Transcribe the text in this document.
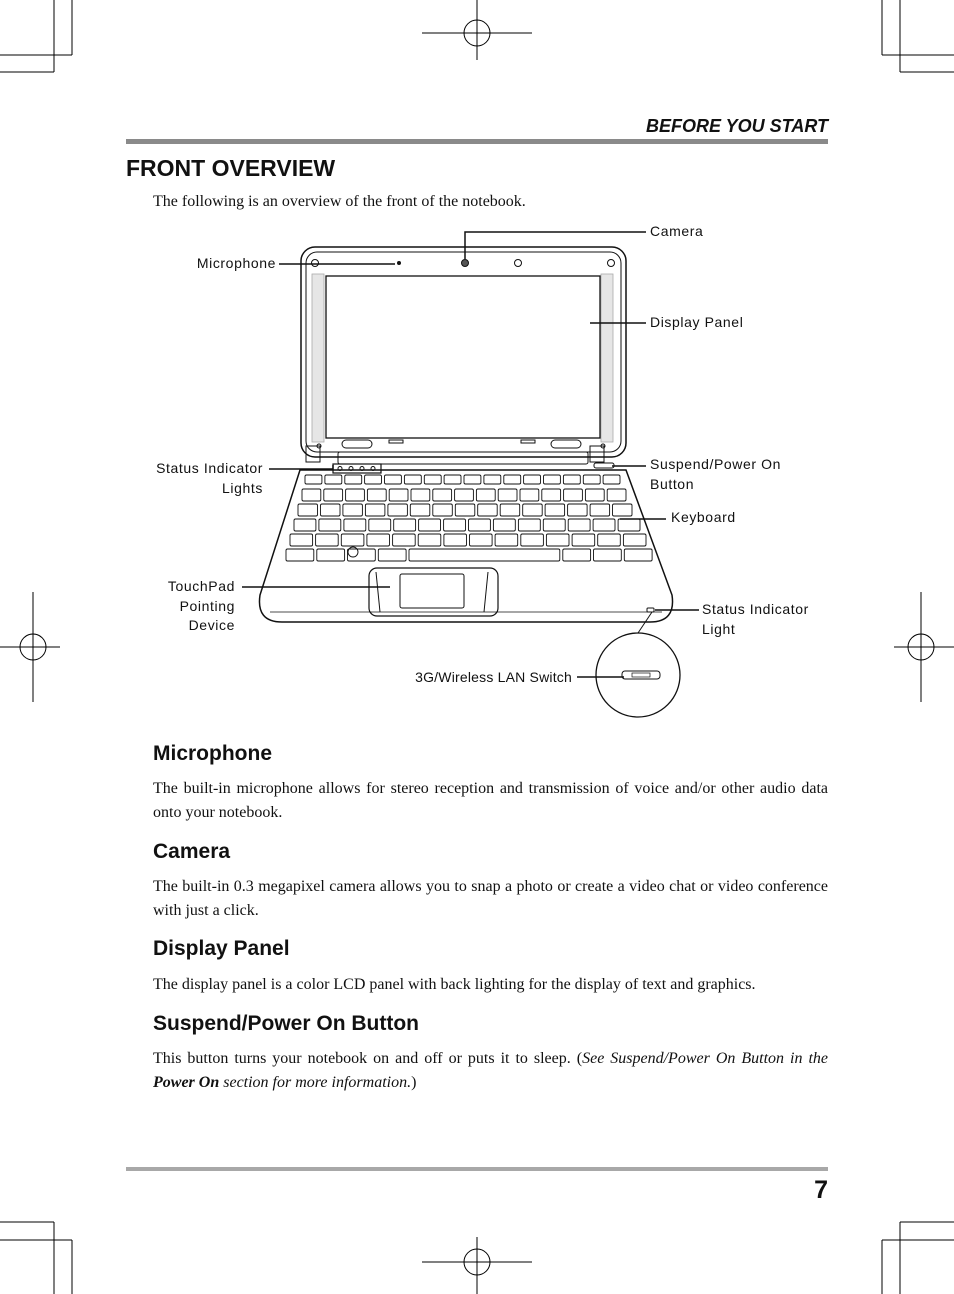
BEFORE YOU START
FRONT OVERVIEW
The following is an overview of the front of the notebook.
Camera
Microphone
Display Panel
Status Indicator
Lights
Suspend/Power On
Button
Keyboard
TouchPad
Pointing
Device
Status Indicator
Light
3G/Wireless LAN Switch
Microphone
The built-in microphone allows for stereo reception and transmission of voice and/or other audio data onto your notebook.
Camera
The built-in 0.3 megapixel camera allows you to snap a photo or create a video chat or video conference with just a click.
Display Panel
The display panel is a color LCD panel with back lighting for the display of text and graphics.
Suspend/Power On Button
This button turns your notebook on and off or puts it to sleep. (See Suspend/Power On Button in the Power On section for more information.)
7
